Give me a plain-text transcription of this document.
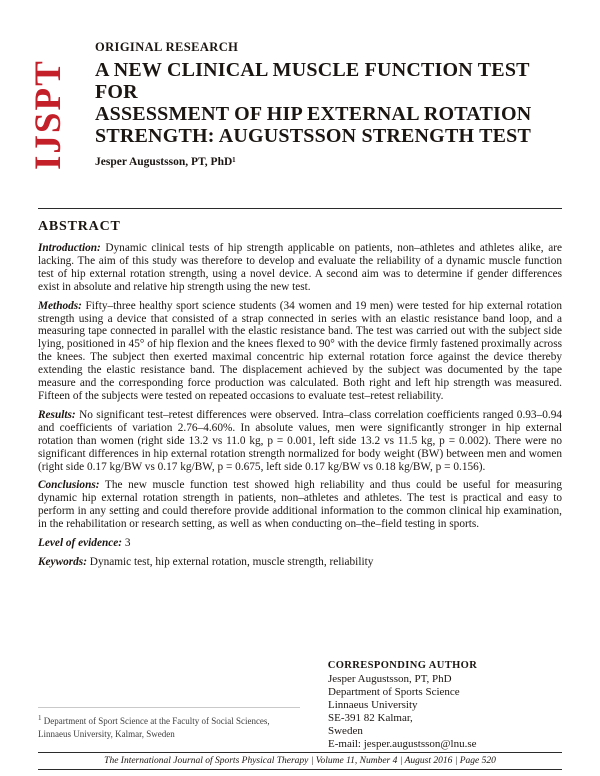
IJSPT
ORIGINAL RESEARCH
A NEW CLINICAL MUSCLE FUNCTION TEST FOR
ASSESSMENT OF HIP EXTERNAL ROTATION
STRENGTH: AUGUSTSSON STRENGTH TEST
Jesper Augustsson, PT, PhD¹
ABSTRACT

Introduction: Dynamic clinical tests of hip strength applicable on patients, non–athletes and athletes alike, are lacking. The aim of this study was therefore to develop and evaluate the reliability of a dynamic muscle function test of hip external rotation strength, using a novel device. A second aim was to determine if gender differences exist in absolute and relative hip strength using the new test.

Methods: Fifty–three healthy sport science students (34 women and 19 men) were tested for hip external rotation strength using a device that consisted of a strap connected in series with an elastic resistance band loop, and a measuring tape connected in parallel with the elastic resistance band. The test was carried out with the subject side lying, positioned in 45° of hip flexion and the knees flexed to 90° with the device firmly fastened proximally across the knees. The subject then exerted maximal concentric hip external rotation force against the device thereby extending the elastic resistance band. The displacement achieved by the subject was documented by the tape measure and the corresponding force production was calculated. Both right and left hip strength was measured. Fifteen of the subjects were tested on repeated occasions to evaluate test–retest reliability.

Results: No significant test–retest differences were observed. Intra–class correlation coefficients ranged 0.93–0.94 and coefficients of variation 2.76–4.60%. In absolute values, men were significantly stronger in hip external rotation than women (right side 13.2 vs 11.0 kg, p = 0.001, left side 13.2 vs 11.5 kg, p = 0.002). There were no significant differences in hip external rotation strength normalized for body weight (BW) between men and women (right side 0.17 kg/BW vs 0.17 kg/BW, p = 0.675, left side 0.17 kg/BW vs 0.18 kg/BW, p = 0.156).

Conclusions: The new muscle function test showed high reliability and thus could be useful for measuring dynamic hip external rotation strength in patients, non–athletes and athletes. The test is practical and easy to perform in any setting and could therefore provide additional information to the common clinical hip examination, in the rehabilitation or research setting, as well as when conducting on–the–field testing in sports.

Level of evidence: 3

Keywords: Dynamic test, hip external rotation, muscle strength, reliability

CORRESPONDING AUTHOR
Jesper Augustsson, PT, PhD
Department of Sports Science
Linnaeus University
SE-391 82 Kalmar,
Sweden
E-mail: jesper.augustsson@lnu.se
$^1$ Department of Sport Science at the Faculty of Social Sciences, Linnaeus University, Kalmar, Sweden
The International Journal of Sports Physical Therapy | Volume 11, Number 4 | August 2016 | Page 520
